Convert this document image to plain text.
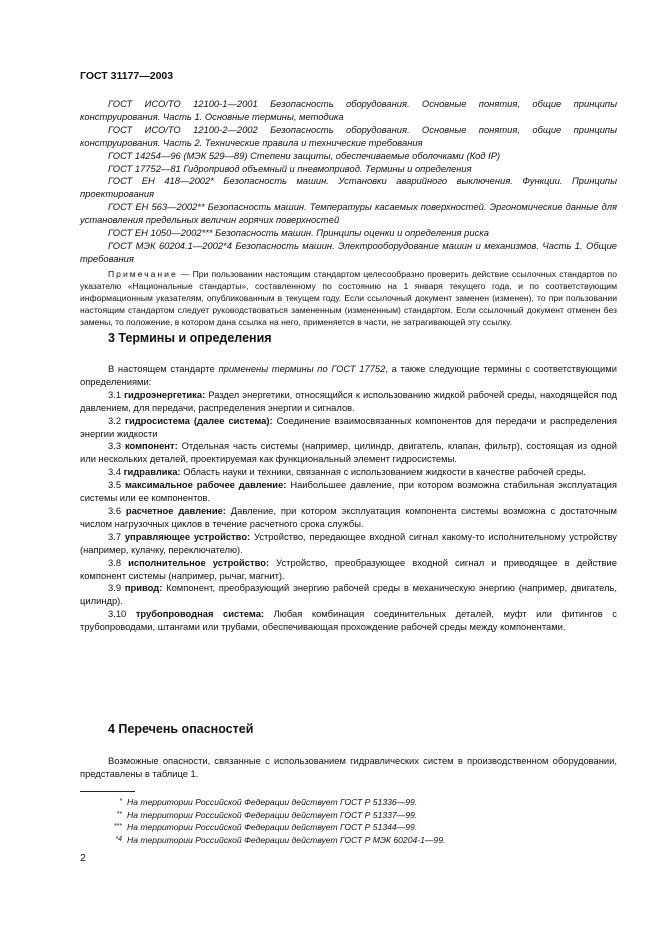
ГОСТ 31177—2003

ГОСТ ИСО/ТО 12100-1—2001 Безопасность оборудования. Основные понятия, общие принципы конструирования. Часть 1. Основные термины, методика

ГОСТ ИСО/ТО 12100-2—2002 Безопасность оборудования. Основные понятия, общие принципы конструирования. Часть 2. Технические правила и технические требования

ГОСТ 14254—96 (МЭК 529—89) Степени защиты, обеспечиваемые оболочками (Код IP)

ГОСТ 17752—81 Гидропривод объемный и пневмопривод. Термины и определения

ГОСТ ЕН 418—2002* Безопасность машин. Установки аварийного выключения. Функции. Принципы проектирования

ГОСТ ЕН 563—2002** Безопасность машин. Температуры касаемых поверхностей. Эргономические данные для установления предельных величин горячих поверхностей

ГОСТ ЕН 1050—2002*** Безопасность машин. Принципы оценки и определения риска

ГОСТ МЭК 60204.1—2002*4 Безопасность машин. Электрооборудование машин и механизмов. Часть 1. Общие требования

Примечание — При пользовании настоящим стандартом целесообразно проверить действие ссылочных стандартов по указателю «Национальные стандарты», составленному по состоянию на 1 января текущего года, и по соответствующим информационным указателям, опубликованным в текущем году. Если ссылочный документ заменен (изменен), то при пользовании настоящим стандартом следует руководствоваться замененным (измененным) стандартом. Если ссылочный документ отменен без замены, то положение, в котором дана ссылка на него, применяется в части, не затрагивающей эту ссылку.

3 Термины и определения

В настоящем стандарте применены термины по ГОСТ 17752, а также следующие термины с соответствующими определениями:

3.1 гидроэнергетика: Раздел энергетики, относящийся к использованию жидкой рабочей среды, находящейся под давлением, для передачи, распределения энергии и сигналов.

3.2 гидросистема (далее система): Соединение взаимосвязанных компонентов для передачи и распределения энергии жидкости

3.3 компонент: Отдельная часть системы (например, цилиндр, двигатель, клапан, фильтр), состоящая из одной или нескольких деталей, проектируемая как функциональный элемент гидросистемы.

3.4 гидравлика: Область науки и техники, связанная с использованием жидкости в качестве рабочей среды.

3.5 максимальное рабочее давление: Наибольшее давление, при котором возможна стабильная эксплуатация системы или ее компонентов.

3.6 расчетное давление: Давление, при котором эксплуатация компонента системы возможна с достаточным числом нагрузочных циклов в течение расчетного срока службы.

3.7 управляющее устройство: Устройство, передающее входной сигнал какому-то исполнительному устройству (например, кулачку, переключателю).

3.8 исполнительное устройство: Устройство, преобразующее входной сигнал и приводящее в действие компонент системы (например, рычаг, магнит).

3.9 привод: Компонент, преобразующий энергию рабочей среды в механическую энергию (например, двигатель, цилиндр).

3.10 трубопроводная система: Любая комбинация соединительных деталей, муфт или фитингов с трубопроводами, штангами или трубами, обеспечивающая прохождение рабочей среды между компонентами.

4 Перечень опасностей

Возможные опасности, связанные с использованием гидравлических систем в производственном оборудовании, представлены в таблице 1.

* На территории Российской Федерации действует ГОСТ Р 51336—99.

** На территории Российской Федерации действует ГОСТ Р 51337—99.

*** На территории Российской Федерации действует ГОСТ Р 51344—99.

*4 На территории Российской Федерации действует ГОСТ Р МЭК 60204-1—99.

2
